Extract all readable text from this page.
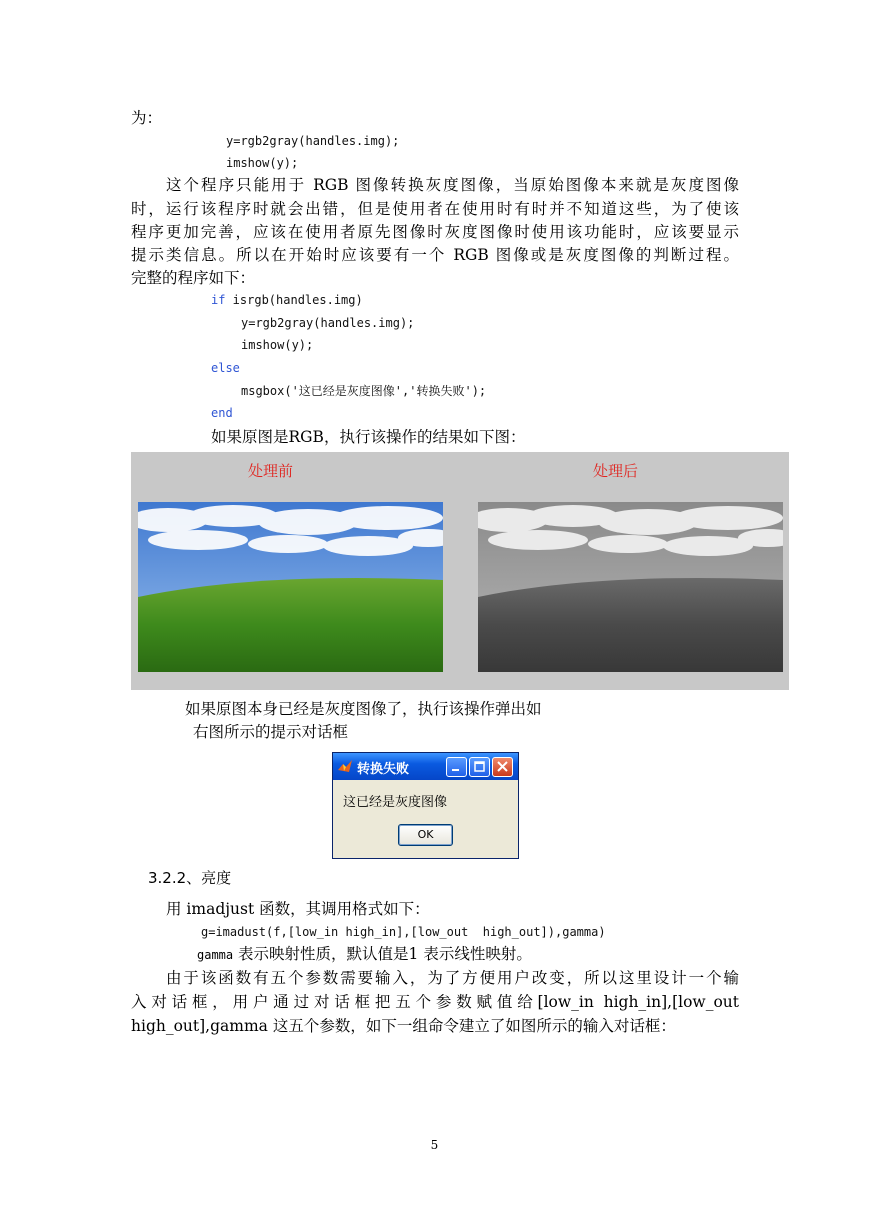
为：
y=rgb2gray(handles.img);
imshow(y);
这个程序只能用于 RGB 图像转换灰度图像，当原始图像本来就是灰度图像
时，运行该程序时就会出错，但是使用者在使用时有时并不知道这些，为了使该
程序更加完善，应该在使用者原先图像时灰度图像时使用该功能时，应该要显示
提示类信息。所以在开始时应该要有一个 RGB 图像或是灰度图像的判断过程。
完整的程序如下：
if isrgb(handles.img)
y=rgb2gray(handles.img);
imshow(y);
else
msgbox('这已经是灰度图像','转换失败');
end
如果原图是RGB，执行该操作的结果如下图：
处理前	处理后
如果原图本身已经是灰度图像了，执行该操作弹出如
右图所示的提示对话框
转换失败
这已经是灰度图像
OK
3.2.2、亮度
用 imadjust 函数，其调用格式如下：
g=imadust(f,[low_in high_in],[low_out  high_out]),gamma)
gamma 表示映射性质，默认值是1 表示线性映射。
由于该函数有五个参数需要输入，为了方便用户改变，所以这里设计一个输
入对话框，用户通过对话框把五个参数赋值给[low_in high_in],[low_out
high_out],gamma 这五个参数，如下一组命令建立了如图所示的输入对话框：
5
